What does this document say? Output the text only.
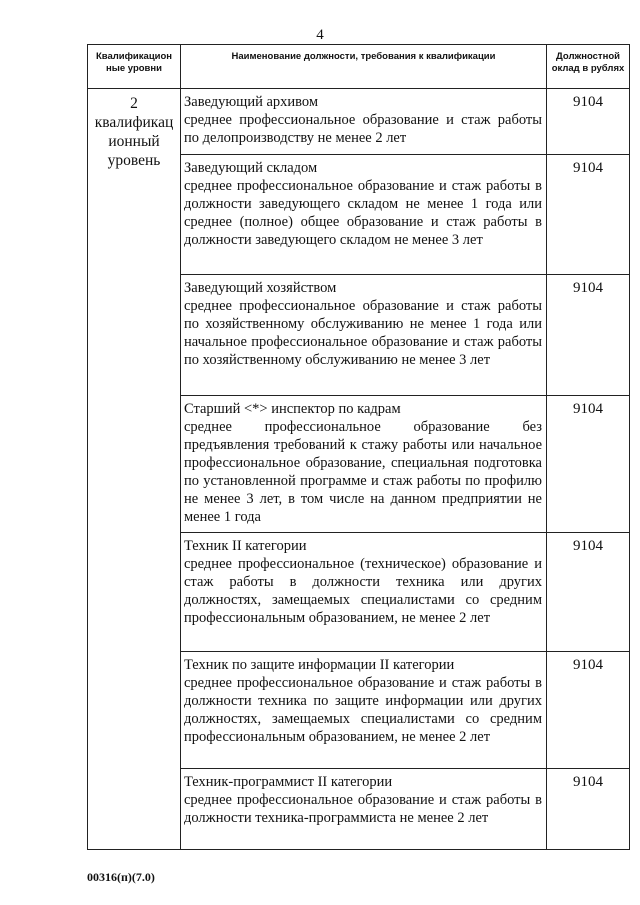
4
Квалификацион ные уровни
Наименование должности, требования к квалификации	Должностной оклад в рублях
2
квалификац
ионный
уровень
Заведующий архивом
среднее профессиональное образование и стаж работы по делопроизводству не менее 2 лет
9104
Заведующий складом
среднее профессиональное образование и стаж работы в должности заведующего складом не менее 1 года или среднее (полное) общее образование и стаж работы в должности заведующего складом не менее 3 лет
9104
Заведующий хозяйством
среднее профессиональное образование и стаж работы по хозяйственному обслуживанию не менее 1 года или начальное профессиональное образование и стаж работы по хозяйственному обслуживанию не менее 3 лет
9104
Старший <*> инспектор по кадрам
среднее профессиональное образование без предъявления требований к стажу работы или начальное профессиональное образование, специальная подготовка по установленной программе и стаж работы по профилю не менее 3 лет, в том числе на данном предприятии не менее 1 года
9104
Техник II категории
среднее профессиональное (техническое) образование и стаж работы в должности техника или других должностях, замещаемых специалистами со средним профессиональным образованием, не менее 2 лет
9104
Техник по защите информации II категории
среднее профессиональное образование и стаж работы в должности техника по защите информации или других должностях, замещаемых специалистами со средним профессиональным образованием, не менее 2 лет
9104
Техник-программист II категории
среднее профессиональное образование и стаж работы в должности техника-программиста не менее 2 лет
9104
00316(п)(7.0)
